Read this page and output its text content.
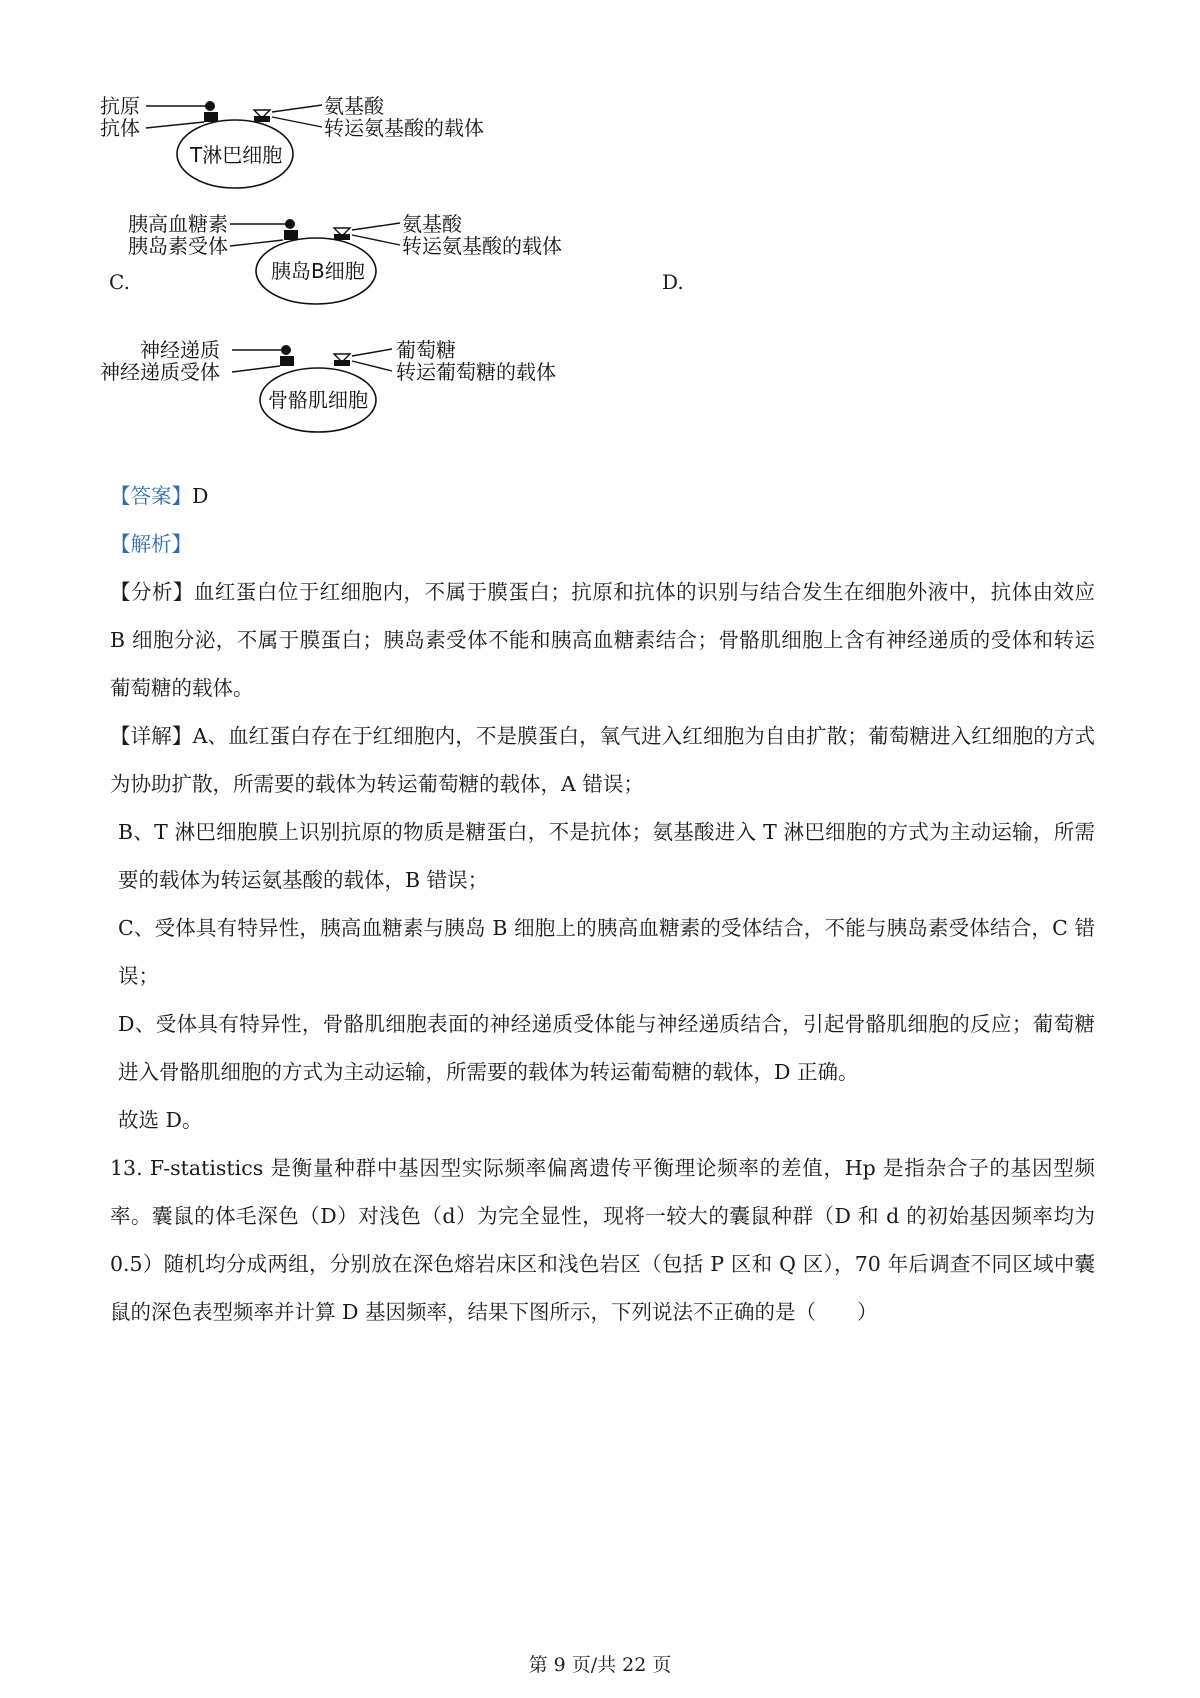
T淋巴细胞
抗原
抗体
氨基酸
转运氨基酸的载体
C.	胰岛B细胞
胰高血糖素
胰岛素受体
氨基酸
转运氨基酸的载体
D.
骨骼肌细胞
神经递质
神经递质受体
葡萄糖
转运葡萄糖的载体
【答案】D
【解析】

【分析】血红蛋白位于红细胞内，不属于膜蛋白；抗原和抗体的识别与结合发生在细胞外液中，抗体由效应 B 细胞分泌，不属于膜蛋白；胰岛素受体不能和胰高血糖素结合；骨骼肌细胞上含有神经递质的受体和转运葡萄糖的载体。

【详解】A、血红蛋白存在于红细胞内，不是膜蛋白，氧气进入红细胞为自由扩散；葡萄糖进入红细胞的方式为协助扩散，所需要的载体为转运葡萄糖的载体，A 错误；

B、T 淋巴细胞膜上识别抗原的物质是糖蛋白，不是抗体；氨基酸进入 T 淋巴细胞的方式为主动运输，所需要的载体为转运氨基酸的载体，B 错误；

C、受体具有特异性，胰高血糖素与胰岛 B 细胞上的胰高血糖素的受体结合，不能与胰岛素受体结合，C 错误；

D、受体具有特异性，骨骼肌细胞表面的神经递质受体能与神经递质结合，引起骨骼肌细胞的反应；葡萄糖进入骨骼肌细胞的方式为主动运输，所需要的载体为转运葡萄糖的载体，D 正确。

故选 D。

13. F-statistics 是衡量种群中基因型实际频率偏离遗传平衡理论频率的差值，Hp 是指杂合子的基因型频率。囊鼠的体毛深色（D）对浅色（d）为完全显性，现将一较大的囊鼠种群（D 和 d 的初始基因频率均为 0.5）随机均分成两组，分别放在深色熔岩床区和浅色岩区（包括 P 区和 Q 区），70 年后调查不同区域中囊鼠的深色表型频率并计算 D 基因频率，结果下图所示，下列说法不正确的是（　　）

第 9 页/共 22 页
